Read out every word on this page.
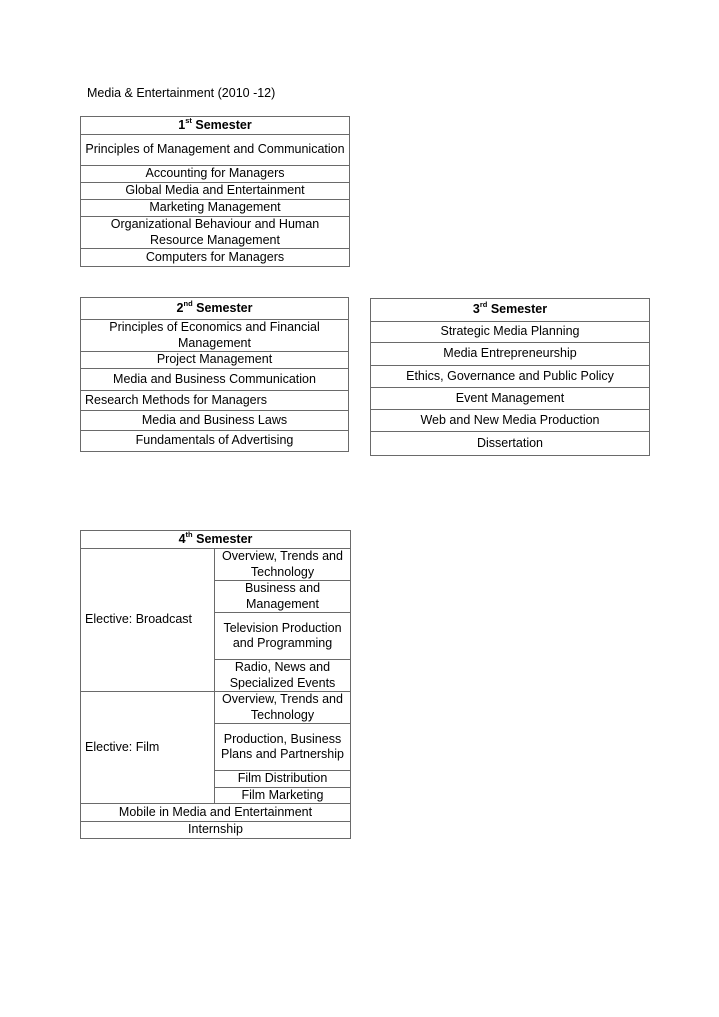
Media & Entertainment (2010 -12)
1st Semester
Principles of Management and Communication
Accounting for Managers
Global Media and Entertainment
Marketing Management
Organizational Behaviour and Human Resource Management
Computers for Managers
2nd Semester
Principles of Economics and Financial Management
Project Management
Media and Business Communication
Research Methods for Managers
Media and Business Laws
Fundamentals of Advertising
3rd Semester
Strategic Media Planning
Media Entrepreneurship
Ethics, Governance and Public Policy
Event Management
Web and New Media Production
Dissertation
4th Semester	
Elective: Broadcast	Overview, Trends and Technology
	Business and Management
	Television Production and Programming
	Radio, News and Specialized Events
Elective: Film	Overview, Trends and Technology
	Production, Business Plans and Partnership
	Film Distribution
	Film Marketing
Mobile in Media and Entertainment	
Internship	
